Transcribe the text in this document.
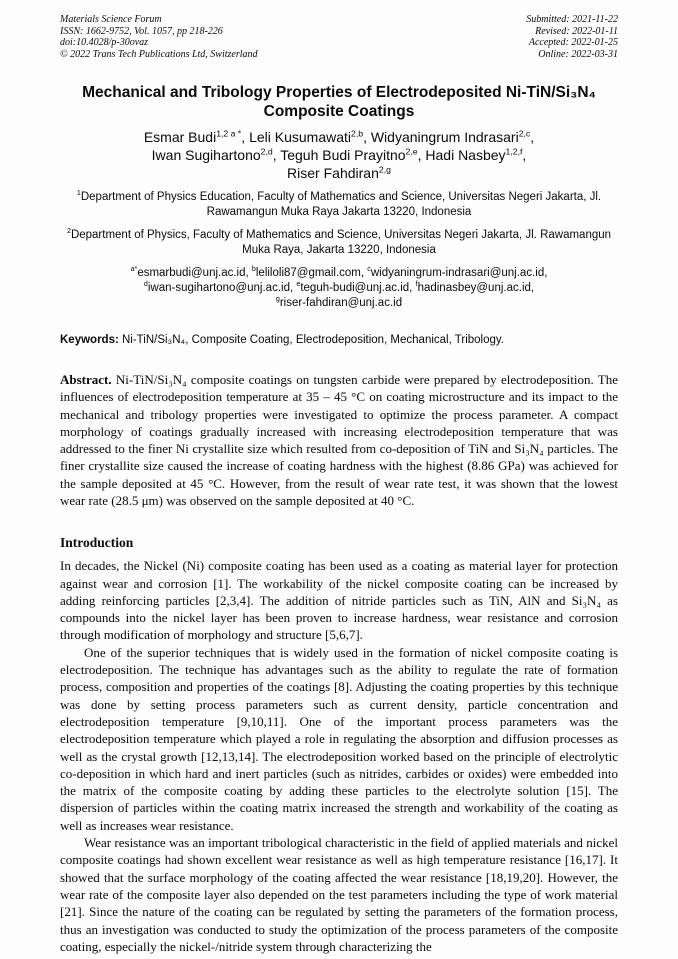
Materials Science Forum
ISSN: 1662-9752, Vol. 1057, pp 218-226
doi:10.4028/p-30ovaz
© 2022 Trans Tech Publications Ltd, Switzerland
Submitted: 2021-11-22
Revised: 2022-01-11
Accepted: 2022-01-25
Online: 2022-03-31
Mechanical and Tribology Properties of Electrodeposited Ni-TiN/Si₃N₄
Composite Coatings
Esmar Budi$^{1,2 a *}$, Leli Kusumawati$^{2,b}$, Widyaningrum Indrasari$^{2,c}$,
Iwan Sugihartono$^{2,d}$, Teguh Budi Prayitno$^{2,e}$, Hadi Nasbey$^{1,2,f}$,
Riser Fahdiran$^{2,g}$

$^1$Department of Physics Education, Faculty of Mathematics and Science, Universitas Negeri Jakarta, Jl. Rawamangun Muka Raya Jakarta 13220, Indonesia

$^2$Department of Physics, Faculty of Mathematics and Science, Universitas Negeri Jakarta, Jl. Rawamangun Muka Raya, Jakarta 13220, Indonesia

$^{a*}$esmarbudi@unj.ac.id, $^b$leliloli87@gmail.com, $^c$widyaningrum-indrasari@unj.ac.id,
$^d$iwan-sugihartono@unj.ac.id, $^e$teguh-budi@unj.ac.id, $^f$hadinasbey@unj.ac.id,
$^g$riser-fahdiran@unj.ac.id

Keywords: Ni-TiN/Si₃N₄, Composite Coating, Electrodeposition, Mechanical, Tribology.

Abstract. Ni-TiN/Si₃N₄ composite coatings on tungsten carbide were prepared by electrodeposition. The influences of electrodeposition temperature at 35 – 45 °C on coating microstructure and its impact to the mechanical and tribology properties were investigated to optimize the process parameter. A compact morphology of coatings gradually increased with increasing electrodeposition temperature that was addressed to the finer Ni crystallite size which resulted from co-deposition of TiN and Si₃N₄ particles. The finer crystallite size caused the increase of coating hardness with the highest (8.86 GPa) was achieved for the sample deposited at 45 °C. However, from the result of wear rate test, it was shown that the lowest wear rate (28.5 μm) was observed on the sample deposited at 40 °C.

Introduction

In decades, the Nickel (Ni) composite coating has been used as a coating as material layer for protection against wear and corrosion [1]. The workability of the nickel composite coating can be increased by adding reinforcing particles [2,3,4]. The addition of nitride particles such as TiN, AlN and Si₃N₄ as compounds into the nickel layer has been proven to increase hardness, wear resistance and corrosion through modification of morphology and structure [5,6,7].

One of the superior techniques that is widely used in the formation of nickel composite coating is electrodeposition. The technique has advantages such as the ability to regulate the rate of formation process, composition and properties of the coatings [8]. Adjusting the coating properties by this technique was done by setting process parameters such as current density, particle concentration and electrodeposition temperature [9,10,11]. One of the important process parameters was the electrodeposition temperature which played a role in regulating the absorption and diffusion processes as well as the crystal growth [12,13,14]. The electrodeposition worked based on the principle of electrolytic co-deposition in which hard and inert particles (such as nitrides, carbides or oxides) were embedded into the matrix of the composite coating by adding these particles to the electrolyte solution [15]. The dispersion of particles within the coating matrix increased the strength and workability of the coating as well as increases wear resistance.

Wear resistance was an important tribological characteristic in the field of applied materials and nickel composite coatings had shown excellent wear resistance as well as high temperature resistance [16,17]. It showed that the surface morphology of the coating affected the wear resistance [18,19,20]. However, the wear rate of the composite layer also depended on the test parameters including the type of work material [21]. Since the nature of the coating can be regulated by setting the parameters of the formation process, thus an investigation was conducted to study the optimization of the process parameters of the composite coating, especially the nickel-/nitride system through characterizing the
